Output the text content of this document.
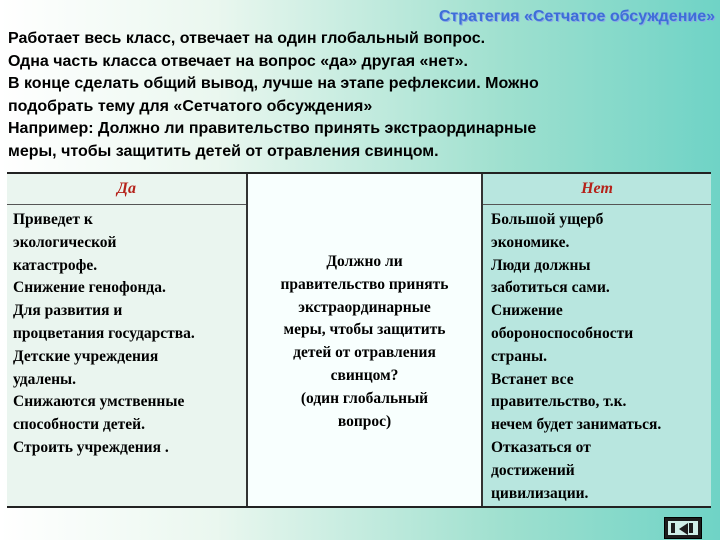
Стратегия «Сетчатое обсуждение»
Работает весь класс, отвечает на один глобальный вопрос.
Одна часть класса отвечает на вопрос «да» другая «нет».
В конце сделать общий вывод, лучше на этапе рефлексии. Можно
подобрать тему для «Сетчатого обсуждения»
Например: Должно ли правительство принять экстраординарные
меры, чтобы защитить детей от отравления свинцом.
Да
Приведет к
экологической
катастрофе.
Снижение генофонда.
Для развития и
процветания государства.
Детские учреждения
удалены.
Снижаются умственные
способности детей.
Строить учреждения .
Должно ли
правительство принять
экстраординарные
меры, чтобы защитить
детей от отравления
свинцом?
(один глобальный
вопрос)
Нет
Большой ущерб
экономике.
Люди должны
заботиться сами.
Снижение
обороноспособности
страны.
Встанет все
правительство, т.к.
нечем будет заниматься.
Отказаться от
достижений
цивилизации.
